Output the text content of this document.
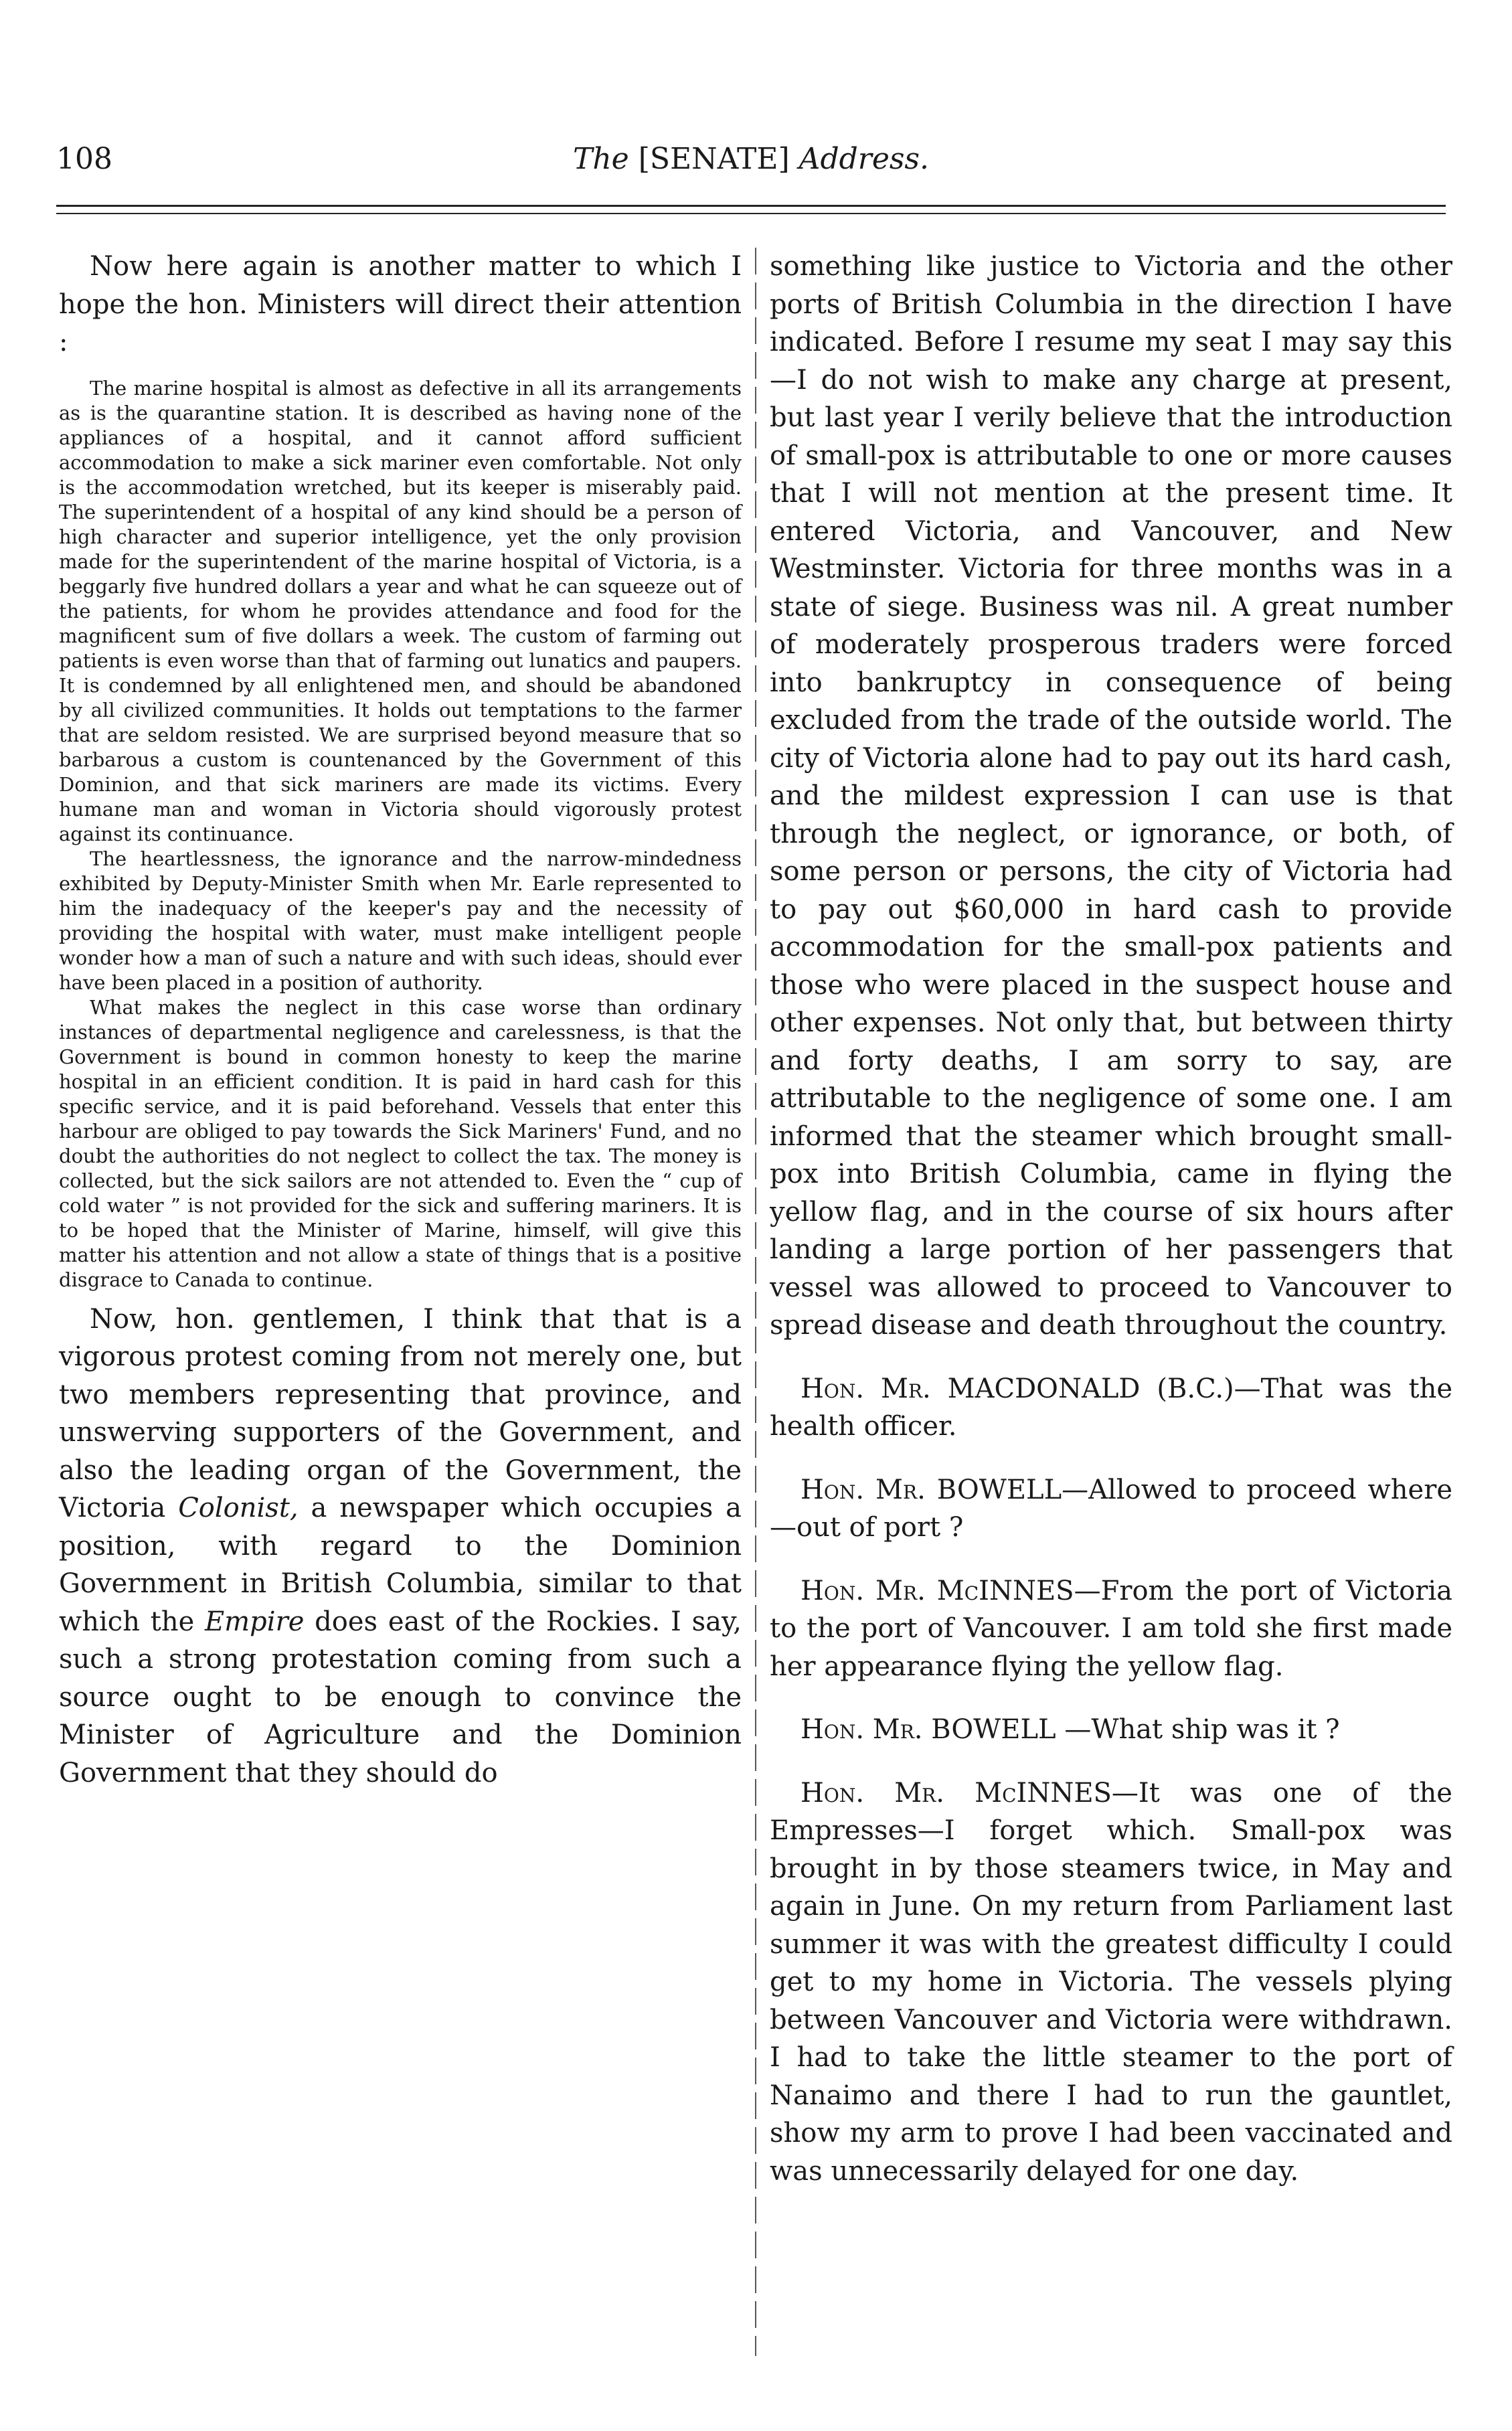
108	The [SENATE] Address.

Now here again is another matter to which I hope the hon. Ministers will direct their attention :

The marine hospital is almost as defective in all its arrangements as is the quarantine station. It is described as having none of the appliances of a hospital, and it cannot afford sufficient accommodation to make a sick mariner even comfortable. Not only is the accommodation wretched, but its keeper is miserably paid. The superintendent of a hospital of any kind should be a person of high character and superior intelligence, yet the only provision made for the superintendent of the marine hospital of Victoria, is a beggarly five hundred dollars a year and what he can squeeze out of the patients, for whom he provides attendance and food for the magnificent sum of five dollars a week. The custom of farming out patients is even worse than that of farming out lunatics and paupers. It is condemned by all enlightened men, and should be abandoned by all civilized communities. It holds out temptations to the farmer that are seldom resisted. We are surprised beyond measure that so barbarous a custom is countenanced by the Government of this Dominion, and that sick mariners are made its victims. Every humane man and woman in Victoria should vigorously protest against its continuance.

The heartlessness, the ignorance and the narrow-mindedness exhibited by Deputy-Minister Smith when Mr. Earle represented to him the inadequacy of the keeper's pay and the necessity of providing the hospital with water, must make intelligent people wonder how a man of such a nature and with such ideas, should ever have been placed in a position of authority.

What makes the neglect in this case worse than ordinary instances of departmental negligence and carelessness, is that the Government is bound in common honesty to keep the marine hospital in an efficient condition. It is paid in hard cash for this specific service, and it is paid beforehand. Vessels that enter this harbour are obliged to pay towards the Sick Mariners' Fund, and no doubt the authorities do not neglect to collect the tax. The money is collected, but the sick sailors are not attended to. Even the “ cup of cold water ” is not provided for the sick and suffering mariners. It is to be hoped that the Minister of Marine, himself, will give this matter his attention and not allow a state of things that is a positive disgrace to Canada to continue.

Now, hon. gentlemen, I think that that is a vigorous protest coming from not merely one, but two members representing that province, and unswerving supporters of the Government, and also the leading organ of the Government, the Victoria Colonist, a newspaper which occupies a position, with regard to the Dominion Government in British Columbia, similar to that which the Empire does east of the Rockies. I say, such a strong protestation coming from such a source ought to be enough to convince the Minister of Agriculture and the Dominion Government that they should do

something like justice to Victoria and the other ports of British Columbia in the direction I have indicated. Before I resume my seat I may say this—I do not wish to make any charge at present, but last year I verily believe that the introduction of small-pox is attributable to one or more causes that I will not mention at the present time. It entered Victoria, and Vancouver, and New Westminster. Victoria for three months was in a state of siege. Business was nil. A great number of moderately prosperous traders were forced into bankruptcy in consequence of being excluded from the trade of the outside world. The city of Victoria alone had to pay out its hard cash, and the mildest expression I can use is that through the neglect, or ignorance, or both, of some person or persons, the city of Victoria had to pay out $60,000 in hard cash to provide accommodation for the small-pox patients and those who were placed in the suspect house and other expenses. Not only that, but between thirty and forty deaths, I am sorry to say, are attributable to the negligence of some one. I am informed that the steamer which brought small-pox into British Columbia, came in flying the yellow flag, and in the course of six hours after landing a large portion of her passengers that vessel was allowed to proceed to Vancouver to spread disease and death throughout the country.

Hon. Mr. MACDONALD (B.C.)—That was the health officer.

Hon. Mr. BOWELL—Allowed to proceed where—out of port ?

Hon. Mr. McINNES—From the port of Victoria to the port of Vancouver. I am told she first made her appearance flying the yellow flag.

Hon. Mr. BOWELL —What ship was it ?

Hon. Mr. McINNES—It was one of the Empresses—I forget which. Small-pox was brought in by those steamers twice, in May and again in June. On my return from Parliament last summer it was with the greatest difficulty I could get to my home in Victoria. The vessels plying between Vancouver and Victoria were withdrawn. I had to take the little steamer to the port of Nanaimo and there I had to run the gauntlet, show my arm to prove I had been vaccinated and was unnecessarily delayed for one day.
